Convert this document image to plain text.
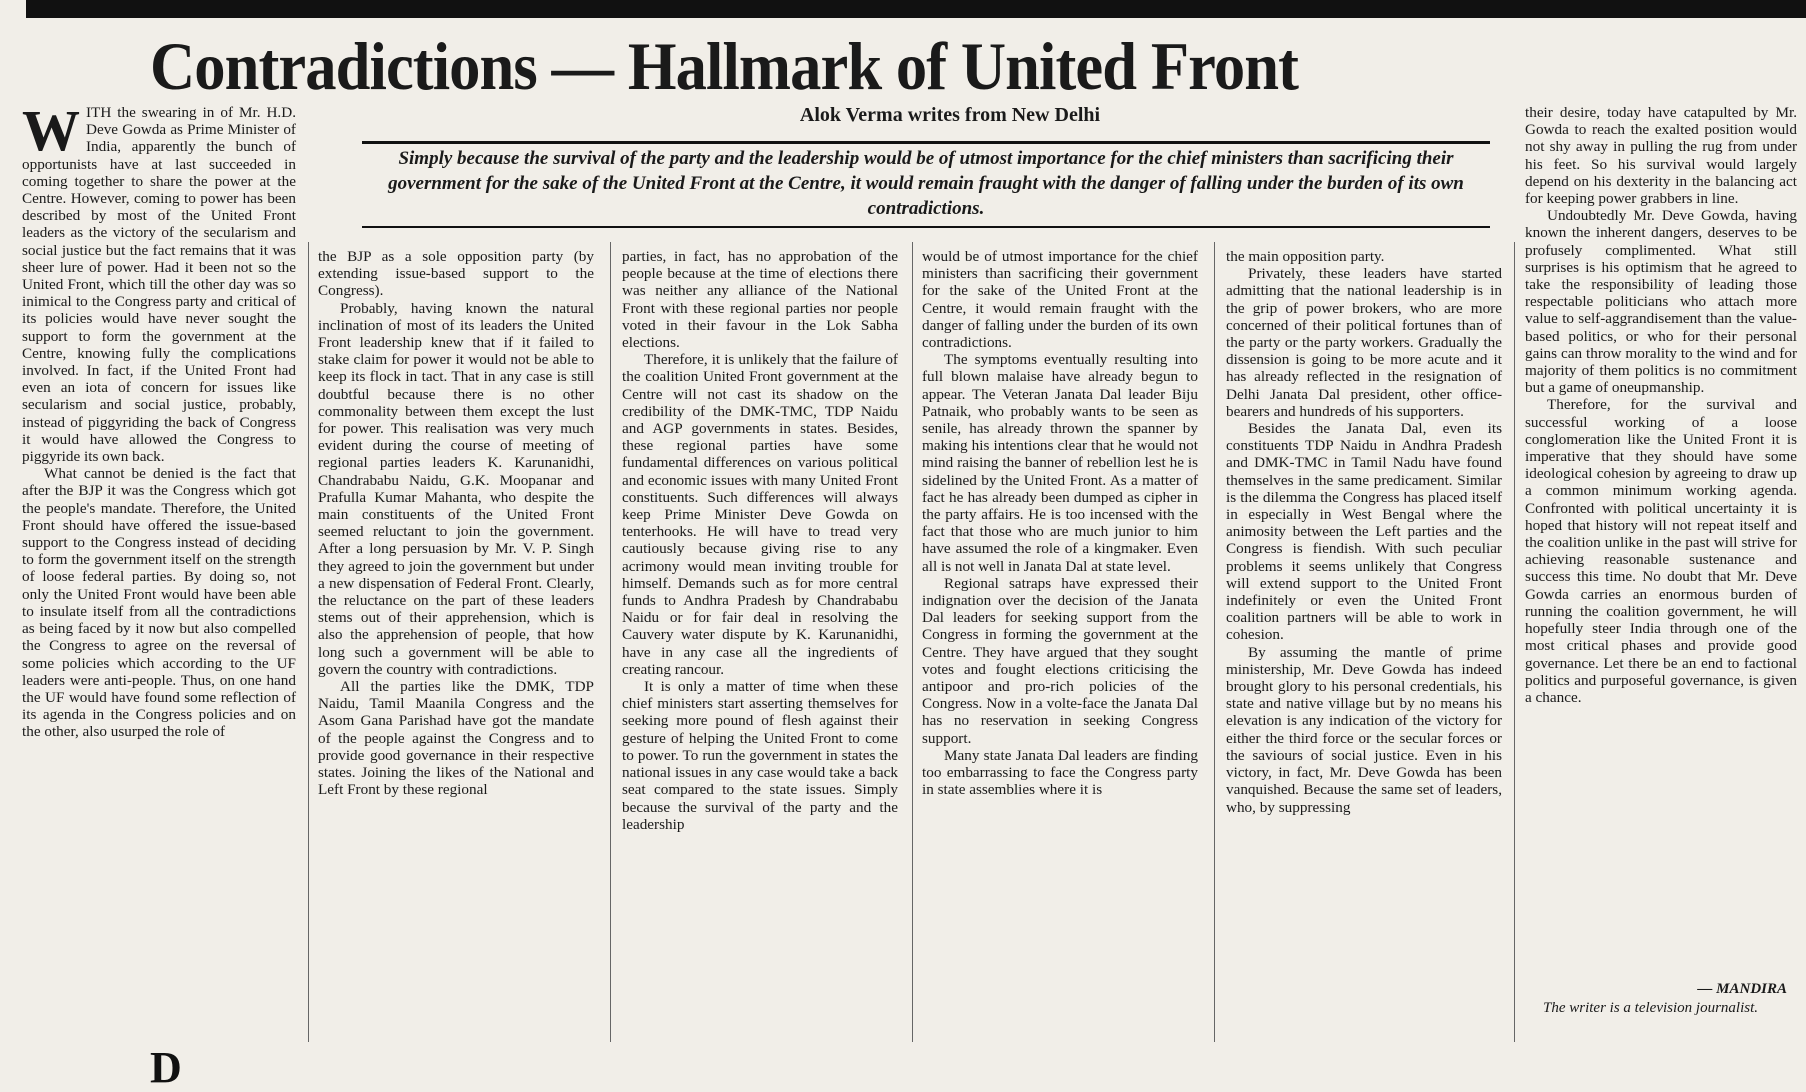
Contradictions — Hallmark of United Front
Alok Verma writes from New Delhi
Simply because the survival of the party and the leadership would be of utmost importance for the chief ministers than sacrificing their government for the sake of the United Front at the Centre, it would remain fraught with the danger of falling under the burden of its own contradictions.

WITH the swearing in of Mr. H.D. Deve Gowda as Prime Minister of India, apparently the bunch of opportunists have at last succeeded in coming together to share the power at the Centre. However, coming to power has been described by most of the United Front leaders as the victory of the secularism and social justice but the fact remains that it was sheer lure of power. Had it been not so the United Front, which till the other day was so inimical to the Congress party and critical of its policies would have never sought the support to form the government at the Centre, knowing fully the complications involved. In fact, if the United Front had even an iota of concern for issues like secularism and social justice, probably, instead of piggyriding the back of Congress it would have allowed the Congress to piggyride its own back.

What cannot be denied is the fact that after the BJP it was the Congress which got the people's mandate. Therefore, the United Front should have offered the issue-based support to the Congress instead of deciding to form the government itself on the strength of loose federal parties. By doing so, not only the United Front would have been able to insulate itself from all the contradictions as being faced by it now but also compelled the Congress to agree on the reversal of some policies which according to the UF leaders were anti-people. Thus, on one hand the UF would have found some reflection of its agenda in the Congress policies and on the other, also usurped the role of

the BJP as a sole opposition party (by extending issue-based support to the Congress).

Probably, having known the natural inclination of most of its leaders the United Front leadership knew that if it failed to stake claim for power it would not be able to keep its flock in tact. That in any case is still doubtful because there is no other commonality between them except the lust for power. This realisation was very much evident during the course of meeting of regional parties leaders K. Karunanidhi, Chandrababu Naidu, G.K. Moopanar and Prafulla Kumar Mahanta, who despite the main constituents of the United Front seemed reluctant to join the government. After a long persuasion by Mr. V. P. Singh they agreed to join the government but under a new dispensation of Federal Front. Clearly, the reluctance on the part of these leaders stems out of their apprehension, which is also the apprehension of people, that how long such a government will be able to govern the country with contradictions.

All the parties like the DMK, TDP Naidu, Tamil Maanila Congress and the Asom Gana Parishad have got the mandate of the people against the Congress and to provide good governance in their respective states. Joining the likes of the National and Left Front by these regional

parties, in fact, has no approbation of the people because at the time of elections there was neither any alliance of the National Front with these regional parties nor people voted in their favour in the Lok Sabha elections.

Therefore, it is unlikely that the failure of the coalition United Front government at the Centre will not cast its shadow on the credibility of the DMK-TMC, TDP Naidu and AGP governments in states. Besides, these regional parties have some fundamental differences on various political and economic issues with many United Front constituents. Such differences will always keep Prime Minister Deve Gowda on tenterhooks. He will have to tread very cautiously because giving rise to any acrimony would mean inviting trouble for himself. Demands such as for more central funds to Andhra Pradesh by Chandrababu Naidu or for fair deal in resolving the Cauvery water dispute by K. Karunanidhi, have in any case all the ingredients of creating rancour.

It is only a matter of time when these chief ministers start asserting themselves for seeking more pound of flesh against their gesture of helping the United Front to come to power. To run the government in states the national issues in any case would take a back seat compared to the state issues. Simply because the survival of the party and the leadership

would be of utmost importance for the chief ministers than sacrificing their government for the sake of the United Front at the Centre, it would remain fraught with the danger of falling under the burden of its own contradictions.

The symptoms eventually resulting into full blown malaise have already begun to appear. The Veteran Janata Dal leader Biju Patnaik, who probably wants to be seen as senile, has already thrown the spanner by making his intentions clear that he would not mind raising the banner of rebellion lest he is sidelined by the United Front. As a matter of fact he has already been dumped as cipher in the party affairs. He is too incensed with the fact that those who are much junior to him have assumed the role of a kingmaker. Even all is not well in Janata Dal at state level.

Regional satraps have expressed their indignation over the decision of the Janata Dal leaders for seeking support from the Congress in forming the government at the Centre. They have argued that they sought votes and fought elections criticising the antipoor and pro-rich policies of the Congress. Now in a volte-face the Janata Dal has no reservation in seeking Congress support.

Many state Janata Dal leaders are finding too embarrassing to face the Congress party in state assemblies where it is

the main opposition party.

Privately, these leaders have started admitting that the national leadership is in the grip of power brokers, who are more concerned of their political fortunes than of the party or the party workers. Gradually the dissension is going to be more acute and it has already reflected in the resignation of Delhi Janata Dal president, other office-bearers and hundreds of his supporters.

Besides the Janata Dal, even its constituents TDP Naidu in Andhra Pradesh and DMK-TMC in Tamil Nadu have found themselves in the same predicament. Similar is the dilemma the Congress has placed itself in especially in West Bengal where the animosity between the Left parties and the Congress is fiendish. With such peculiar problems it seems unlikely that Congress will extend support to the United Front indefinitely or even the United Front coalition partners will be able to work in cohesion.

By assuming the mantle of prime ministership, Mr. Deve Gowda has indeed brought glory to his personal credentials, his state and native village but by no means his elevation is any indication of the victory for either the third force or the secular forces or the saviours of social justice. Even in his victory, in fact, Mr. Deve Gowda has been vanquished. Because the same set of leaders, who, by suppressing

their desire, today have catapulted by Mr. Gowda to reach the exalted position would not shy away in pulling the rug from under his feet. So his survival would largely depend on his dexterity in the balancing act for keeping power grabbers in line.

Undoubtedly Mr. Deve Gowda, having known the inherent dangers, deserves to be profusely complimented. What still surprises is his optimism that he agreed to take the responsibility of leading those respectable politicians who attach more value to self-aggrandisement than the value-based politics, or who for their personal gains can throw morality to the wind and for majority of them politics is no commitment but a game of oneupmanship.

Therefore, for the survival and successful working of a loose conglomeration like the United Front it is imperative that they should have some ideological cohesion by agreeing to draw up a common minimum working agenda. Confronted with political uncertainty it is hoped that history will not repeat itself and the coalition unlike in the past will strive for achieving reasonable sustenance and success this time. No doubt that Mr. Deve Gowda carries an enormous burden of running the coalition government, he will hopefully steer India through one of the most critical phases and provide good governance. Let there be an end to factional politics and purposeful governance, is given a chance.

— MANDIRA
The writer is a television journalist.
D
